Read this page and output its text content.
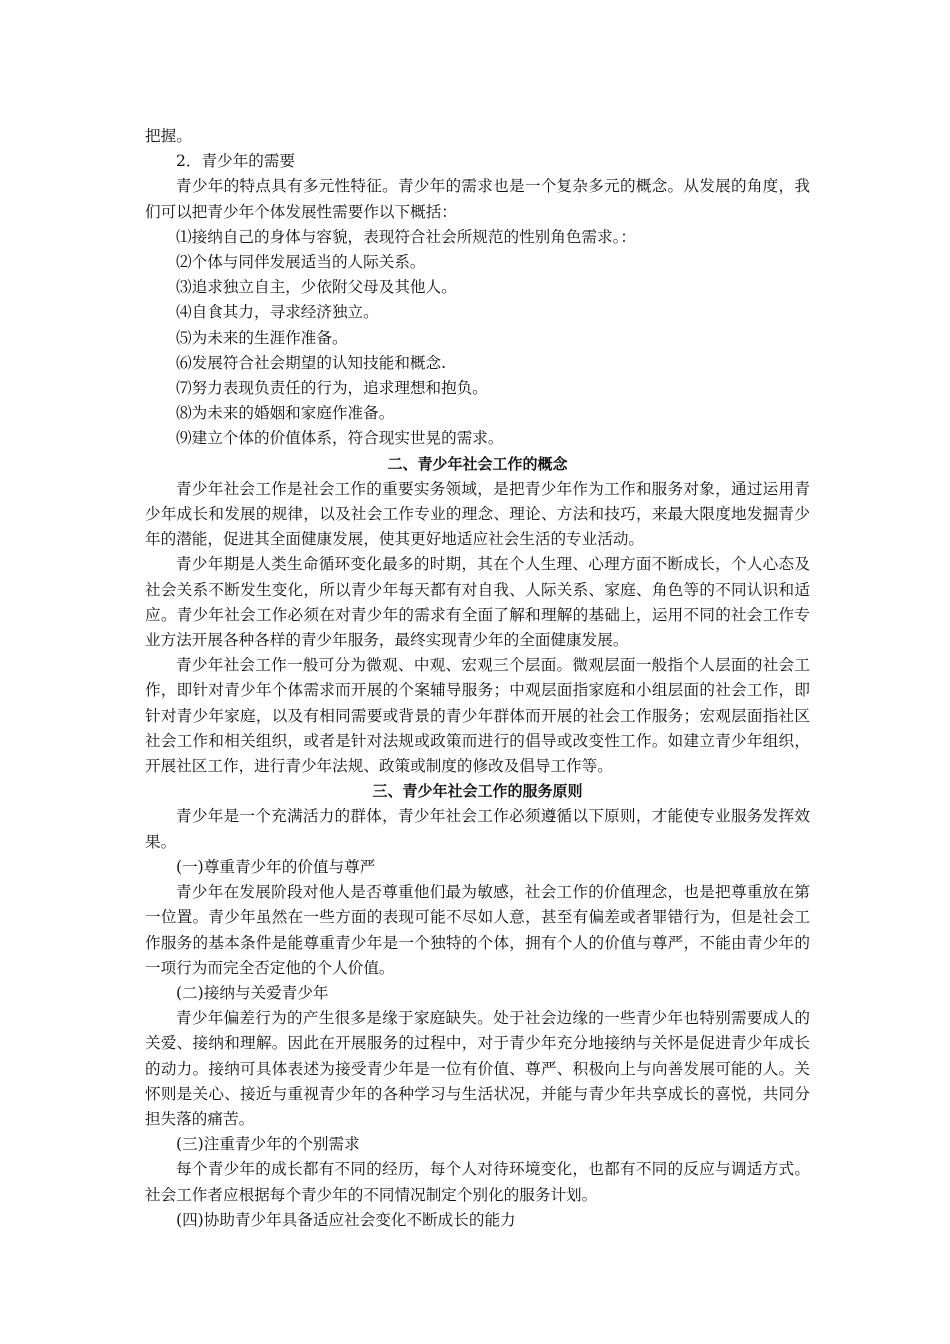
把握。

2．青少年的需要

青少年的特点具有多元性特征。青少年的需求也是一个复杂多元的概念。从发展的角度，我们可以把青少年个体发展性需要作以下概括：

⑴接纳自己的身体与容貌，表现符合社会所规范的性别角色需求。：

⑵个体与同伴发展适当的人际关系。

⑶追求独立自主，少依附父母及其他人。

⑷自食其力，寻求经济独立。

⑸为未来的生涯作准备。

⑹发展符合社会期望的认知技能和概念.

⑺努力表现负责任的行为，追求理想和抱负。

⑻为未来的婚姻和家庭作准备。

⑼建立个体的价值体系，符合现实世晃的需求。

二、青少年社会工作的概念

青少年社会工作是社会工作的重要实务领域，是把青少年作为工作和服务对象，通过运用青少年成长和发展的规律，以及社会工作专业的理念、理论、方法和技巧，来最大限度地发掘青少年的潜能，促进其全面健康发展，使其更好地适应社会生活的专业活动。

青少年期是人类生命循环变化最多的时期，其在个人生理、心理方面不断成长，个人心态及社会关系不断发生变化，所以青少年每天都有对自我、人际关系、家庭、角色等的不同认识和适应。青少年社会工作必须在对青少年的需求有全面了解和理解的基础上，运用不同的社会工作专业方法开展各种各样的青少年服务，最终实现青少年的全面健康发展。

青少年社会工作一般可分为微观、中观、宏观三个层面。微观层面一般指个人层面的社会工作，即针对青少年个体需求而开展的个案辅导服务；中观层面指家庭和小组层面的社会工作，即针对青少年家庭，以及有相同需要或背景的青少年群体而开展的社会工作服务；宏观层面指社区社会工作和相关组织，或者是针对法规或政策而进行的倡导或改变性工作。如建立青少年组织，开展社区工作，进行青少年法规、政策或制度的修改及倡导工作等。

三、青少年社会工作的服务原则

青少年是一个充满活力的群体，青少年社会工作必须遵循以下原则，才能使专业服务发挥效果。

(一)尊重青少年的价值与尊严

青少年在发展阶段对他人是否尊重他们最为敏感，社会工作的价值理念，也是把尊重放在第一位置。青少年虽然在一些方面的表现可能不尽如人意，甚至有偏差或者罪错行为，但是社会工作服务的基本条件是能尊重青少年是一个独特的个体，拥有个人的价值与尊严，不能由青少年的一项行为而完全否定他的个人价值。

(二)接纳与关爱青少年

青少年偏差行为的产生很多是缘于家庭缺失。处于社会边缘的一些青少年也特别需要成人的关爱、接纳和理解。因此在开展服务的过程中，对于青少年充分地接纳与关怀是促进青少年成长的动力。接纳可具体表述为接受青少年是一位有价值、尊严、积极向上与向善发展可能的人。关怀则是关心、接近与重视青少年的各种学习与生活状况，并能与青少年共享成长的喜悦，共同分担失落的痛苦。

(三)注重青少年的个别需求

每个青少年的成长都有不同的经历，每个人对待环境变化，也都有不同的反应与调适方式。社会工作者应根据每个青少年的不同情况制定个别化的服务计划。

(四)协助青少年具备适应社会变化不断成长的能力
